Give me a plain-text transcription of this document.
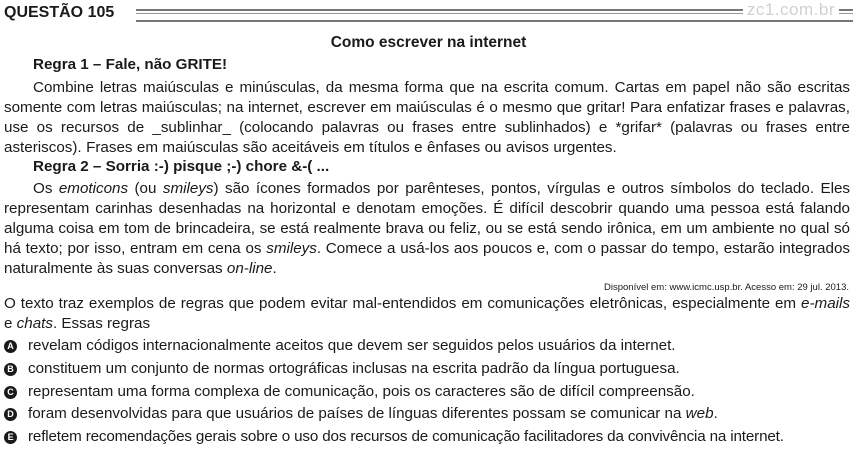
QUESTÃO 105	zc1.com.br
Como escrever na internet
Regra 1 – Fale, não GRITE!
Combine letras maiúsculas e minúsculas, da mesma forma que na escrita comum. Cartas em papel não são escritas somente com letras maiúsculas; na internet, escrever em maiúsculas é o mesmo que gritar! Para enfatizar frases e palavras, use os recursos de _sublinhar_ (colocando palavras ou frases entre sublinhados) e *grifar* (palavras ou frases entre asteriscos). Frases em maiúsculas são aceitáveis em títulos e ênfases ou avisos urgentes.
Regra 2 – Sorria :-) pisque ;-) chore &-( ...
Os emoticons (ou smileys) são ícones formados por parênteses, pontos, vírgulas e outros símbolos do teclado. Eles representam carinhas desenhadas na horizontal e denotam emoções. É difícil descobrir quando uma pessoa está falando alguma coisa em tom de brincadeira, se está realmente brava ou feliz, ou se está sendo irônica, em um ambiente no qual só há texto; por isso, entram em cena os smileys. Comece a usá-los aos poucos e, com o passar do tempo, estarão integrados naturalmente às suas conversas on-line.
Disponível em: www.icmc.usp.br. Acesso em: 29 jul. 2013.
O texto traz exemplos de regras que podem evitar mal-entendidos em comunicações eletrônicas, especialmente em e-mails e chats. Essas regras
A revelam códigos internacionalmente aceitos que devem ser seguidos pelos usuários da internet.
B constituem um conjunto de normas ortográficas inclusas na escrita padrão da língua portuguesa.
C representam uma forma complexa de comunicação, pois os caracteres são de difícil compreensão.
D foram desenvolvidas para que usuários de países de línguas diferentes possam se comunicar na web.
E refletem recomendações gerais sobre o uso dos recursos de comunicação facilitadores da convivência na internet.
